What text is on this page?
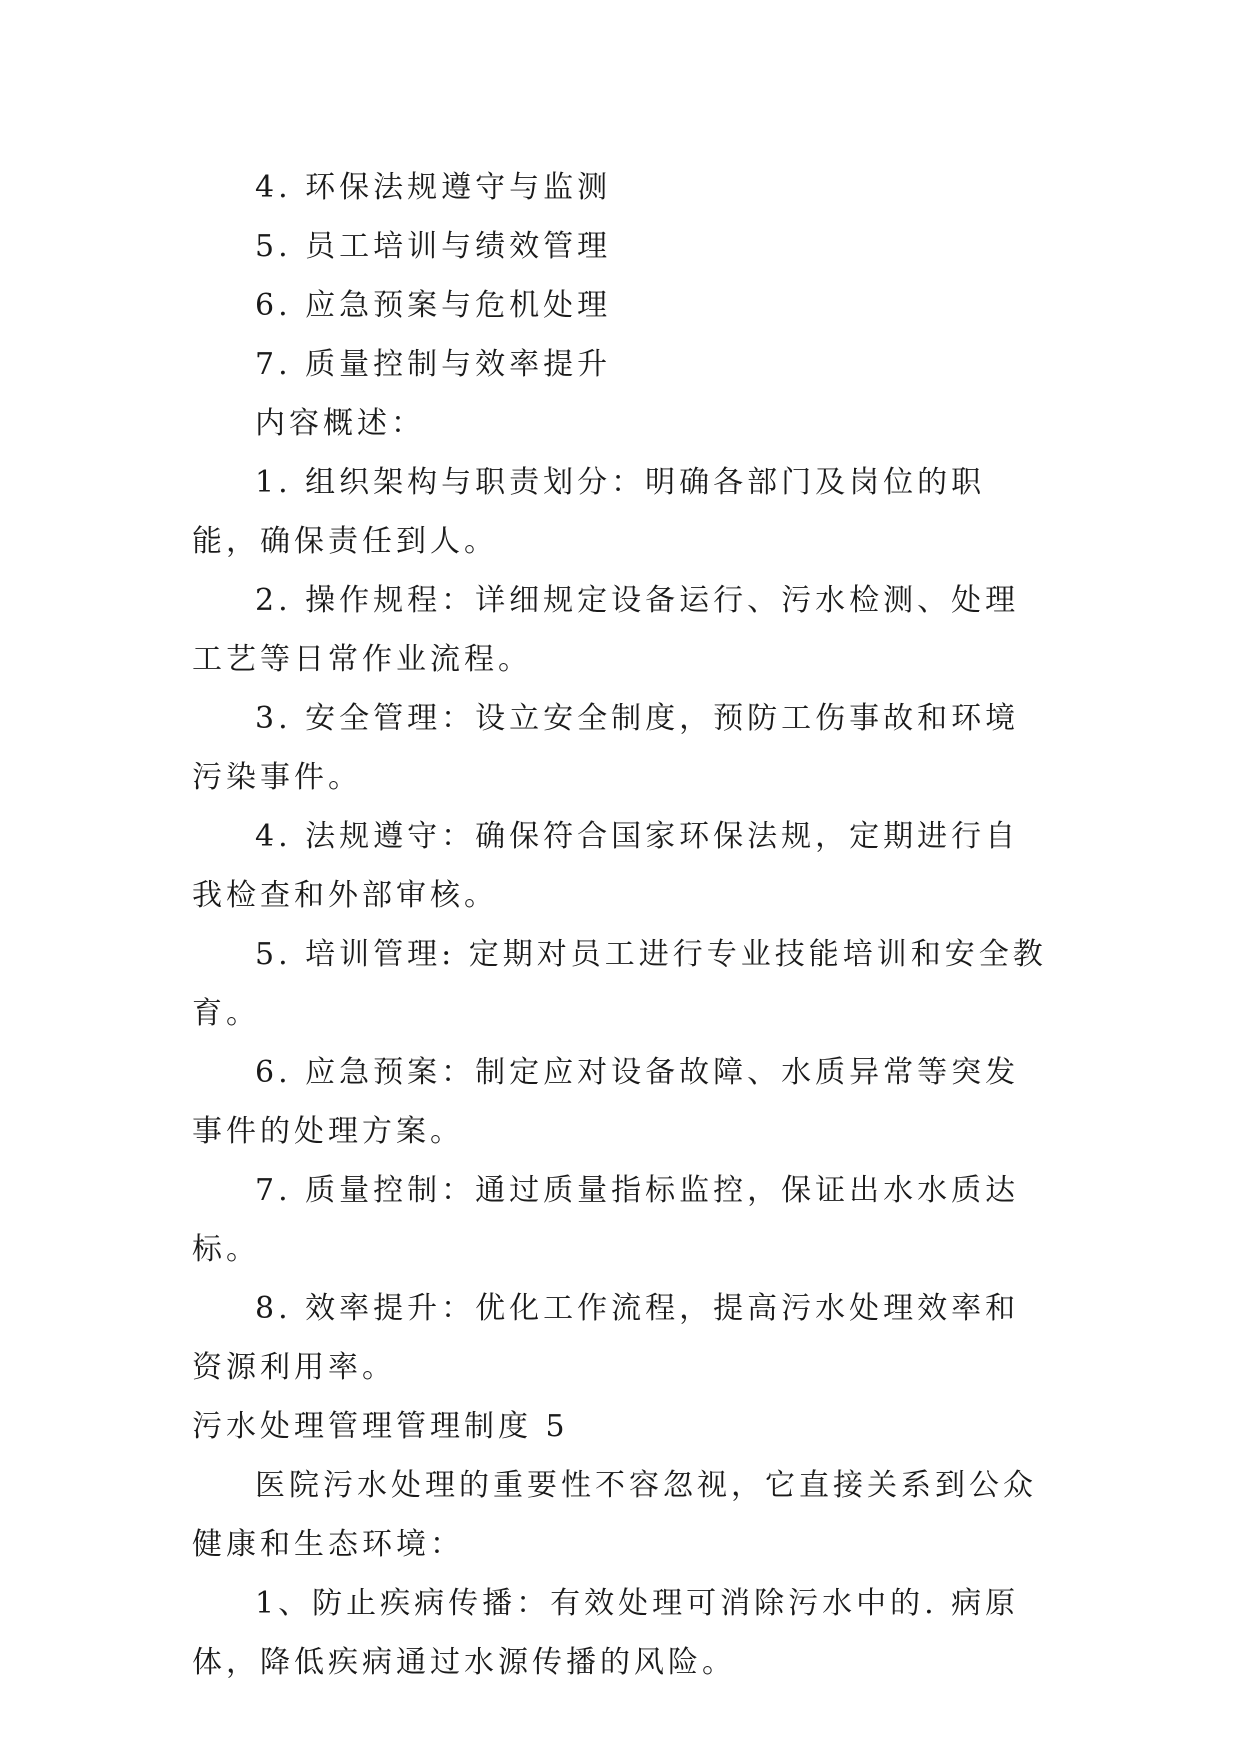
4. 环保法规遵守与监测

5. 员工培训与绩效管理

6. 应急预案与危机处理

7. 质量控制与效率提升

内容概述：

1. 组织架构与职责划分：明确各部门及岗位的职能，确保责任到人。

2. 操作规程：详细规定设备运行、污水检测、处理工艺等日常作业流程。

3. 安全管理：设立安全制度，预防工伤事故和环境污染事件。

4. 法规遵守：确保符合国家环保法规，定期进行自我检查和外部审核。

5. 培训管理: 定期对员工进行专业技能培训和安全教育。

6. 应急预案：制定应对设备故障、水质异常等突发事件的处理方案。

7. 质量控制：通过质量指标监控，保证出水水质达标。

8. 效率提升：优化工作流程，提高污水处理效率和资源利用率。

污水处理管理管理制度 5

医院污水处理的重要性不容忽视，它直接关系到公众健康和生态环境：

1、防止疾病传播：有效处理可消除污水中的. 病原体，降低疾病通过水源传播的风险。
